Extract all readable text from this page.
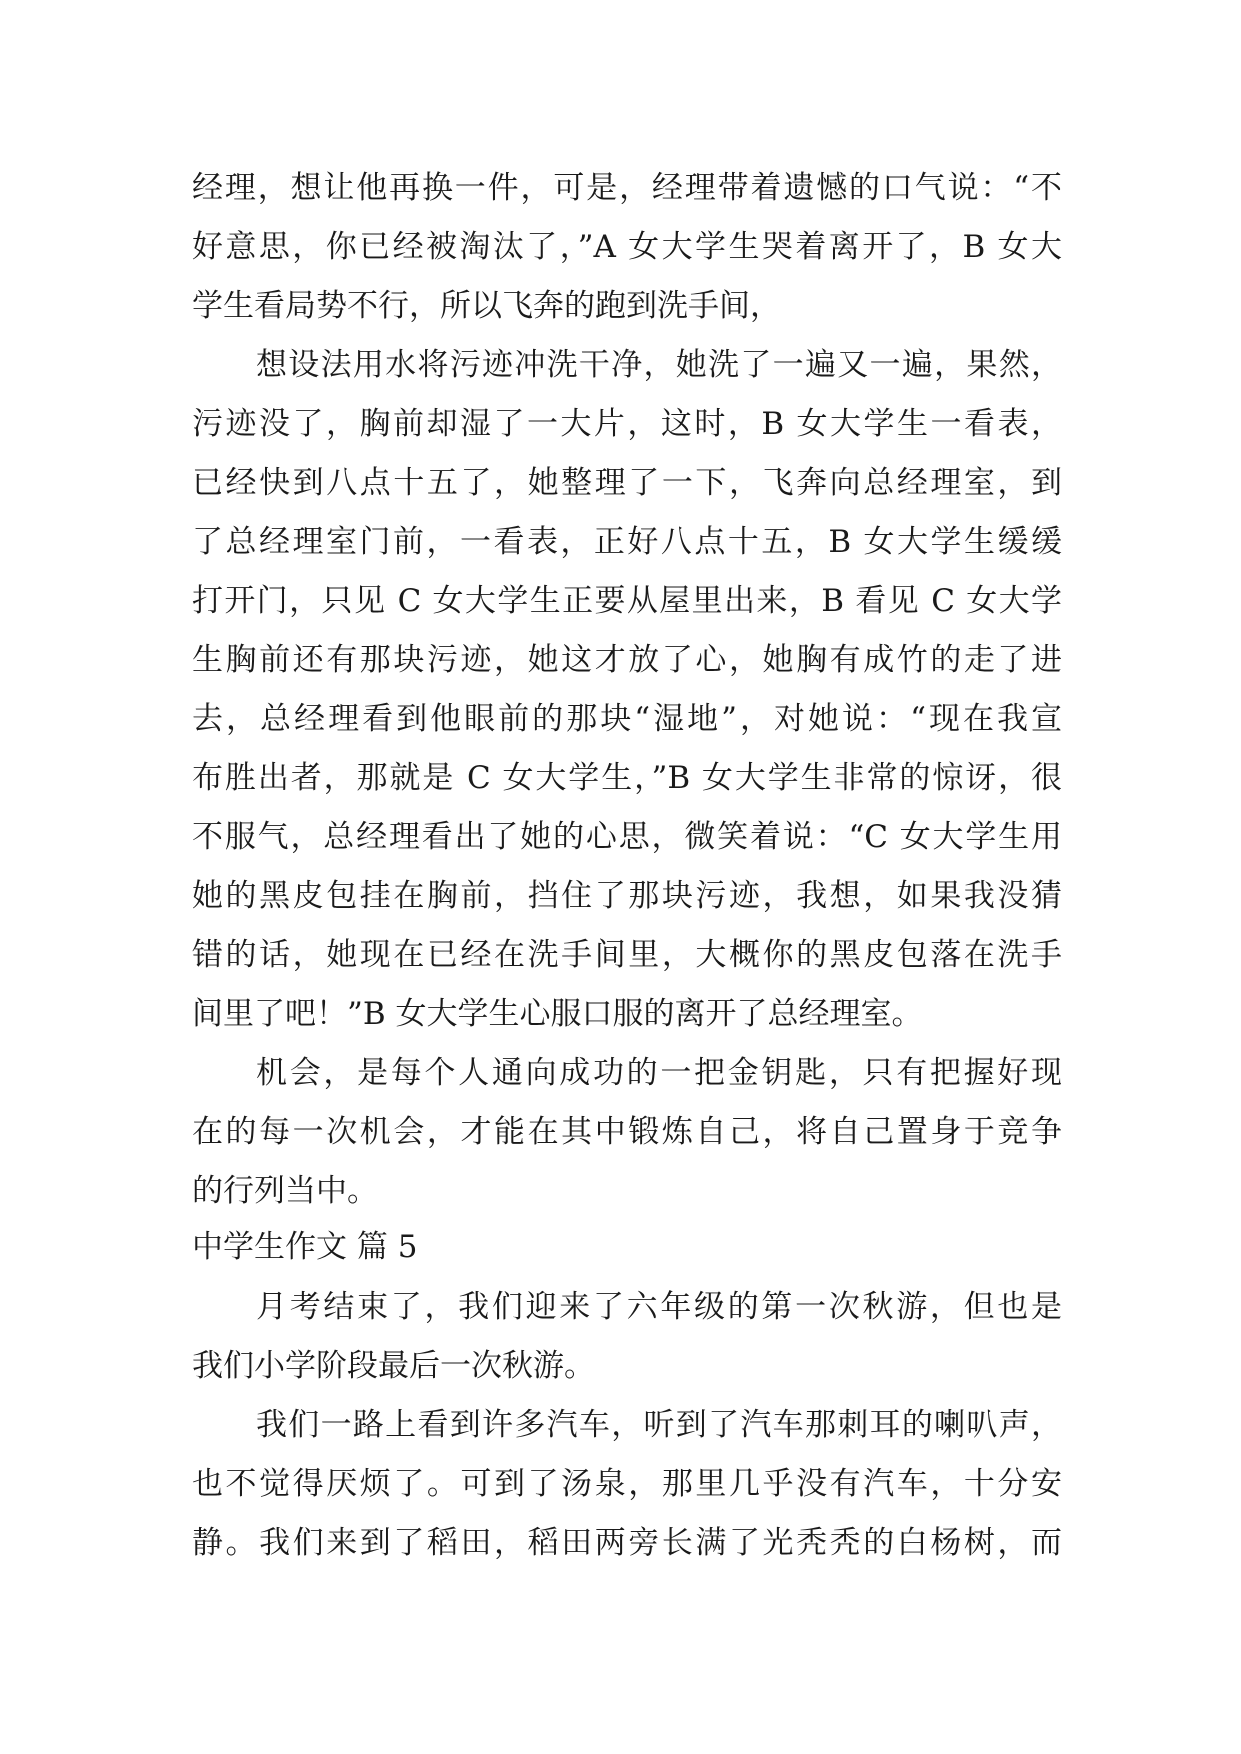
经理，想让他再换一件，可是，经理带着遗憾的口气说：“不
好意思，你已经被淘汰了，”A 女大学生哭着离开了，B 女大
学生看局势不行，所以飞奔的跑到洗手间，
想设法用水将污迹冲洗干净，她洗了一遍又一遍，果然，
污迹没了，胸前却湿了一大片，这时，B 女大学生一看表，
已经快到八点十五了，她整理了一下，飞奔向总经理室，到
了总经理室门前，一看表，正好八点十五，B 女大学生缓缓
打开门，只见 C 女大学生正要从屋里出来，B 看见 C 女大学
生胸前还有那块污迹，她这才放了心，她胸有成竹的走了进
去，总经理看到他眼前的那块“湿地”，对她说：“现在我宣
布胜出者，那就是 C 女大学生，”B 女大学生非常的惊讶，很
不服气，总经理看出了她的心思，微笑着说：“C 女大学生用
她的黑皮包挂在胸前，挡住了那块污迹，我想，如果我没猜
错的话，她现在已经在洗手间里，大概你的黑皮包落在洗手
间里了吧！”B 女大学生心服口服的离开了总经理室。
机会，是每个人通向成功的一把金钥匙，只有把握好现
在的每一次机会，才能在其中锻炼自己，将自己置身于竞争
的行列当中。
中学生作文 篇 5
月考结束了，我们迎来了六年级的第一次秋游，但也是
我们小学阶段最后一次秋游。
我们一路上看到许多汽车，听到了汽车那刺耳的喇叭声，
也不觉得厌烦了。可到了汤泉，那里几乎没有汽车，十分安
静。我们来到了稻田，稻田两旁长满了光秃秃的白杨树，而
